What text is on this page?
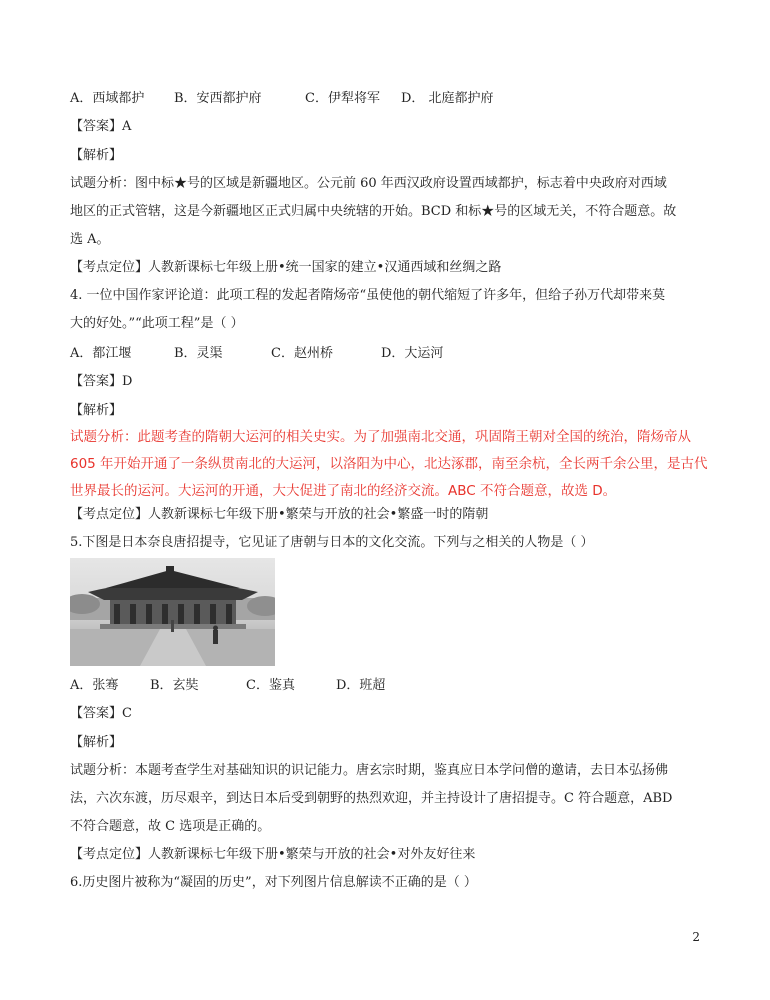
A．西域都护 B．安西都护府	C．伊犁将军 D． 北庭都护府
【答案】A
【解析】
试题分析：图中标★号的区域是新疆地区。公元前 60 年西汉政府设置西域都护，标志着中央政府对西域
地区的正式管辖，这是今新疆地区正式归属中央统辖的开始。BCD 和标★号的区域无关，不符合题意。故
选 A。
【考点定位】人教新课标七年级上册•统一国家的建立•汉通西域和丝绸之路
4. 一位中国作家评论道：此项工程的发起者隋炀帝“虽使他的朝代缩短了许多年，但给子孙万代却带来莫
大的好处。”“此项工程”是（ ）
A．都江堰	B．灵渠	C．赵州桥	D．大运河
【答案】D
【解析】
试题分析：此题考查的隋朝大运河的相关史实。为了加强南北交通，巩固隋王朝对全国的统治，隋炀帝从
605 年开始开通了一条纵贯南北的大运河，以洛阳为中心，北达涿郡，南至余杭，全长两千余公里，是古代
世界最长的运河。大运河的开通，大大促进了南北的经济交流。ABC 不符合题意，故选 D。
【考点定位】人教新课标七年级下册•繁荣与开放的社会•繁盛一时的隋朝
5.下图是日本奈良唐招提寺，它见证了唐朝与日本的文化交流。下列与之相关的人物是（ ）
A．张骞 B．玄奘	C．鉴真	D．班超
【答案】C
【解析】
试题分析：本题考查学生对基础知识的识记能力。唐玄宗时期，鉴真应日本学问僧的邀请，去日本弘扬佛
法，六次东渡，历尽艰辛，到达日本后受到朝野的热烈欢迎，并主持设计了唐招提寺。C 符合题意，ABD
不符合题意，故 C 选项是正确的。
【考点定位】人教新课标七年级下册•繁荣与开放的社会•对外友好往来
6.历史图片被称为“凝固的历史”，对下列图片信息解读不正确的是（ ）
2
